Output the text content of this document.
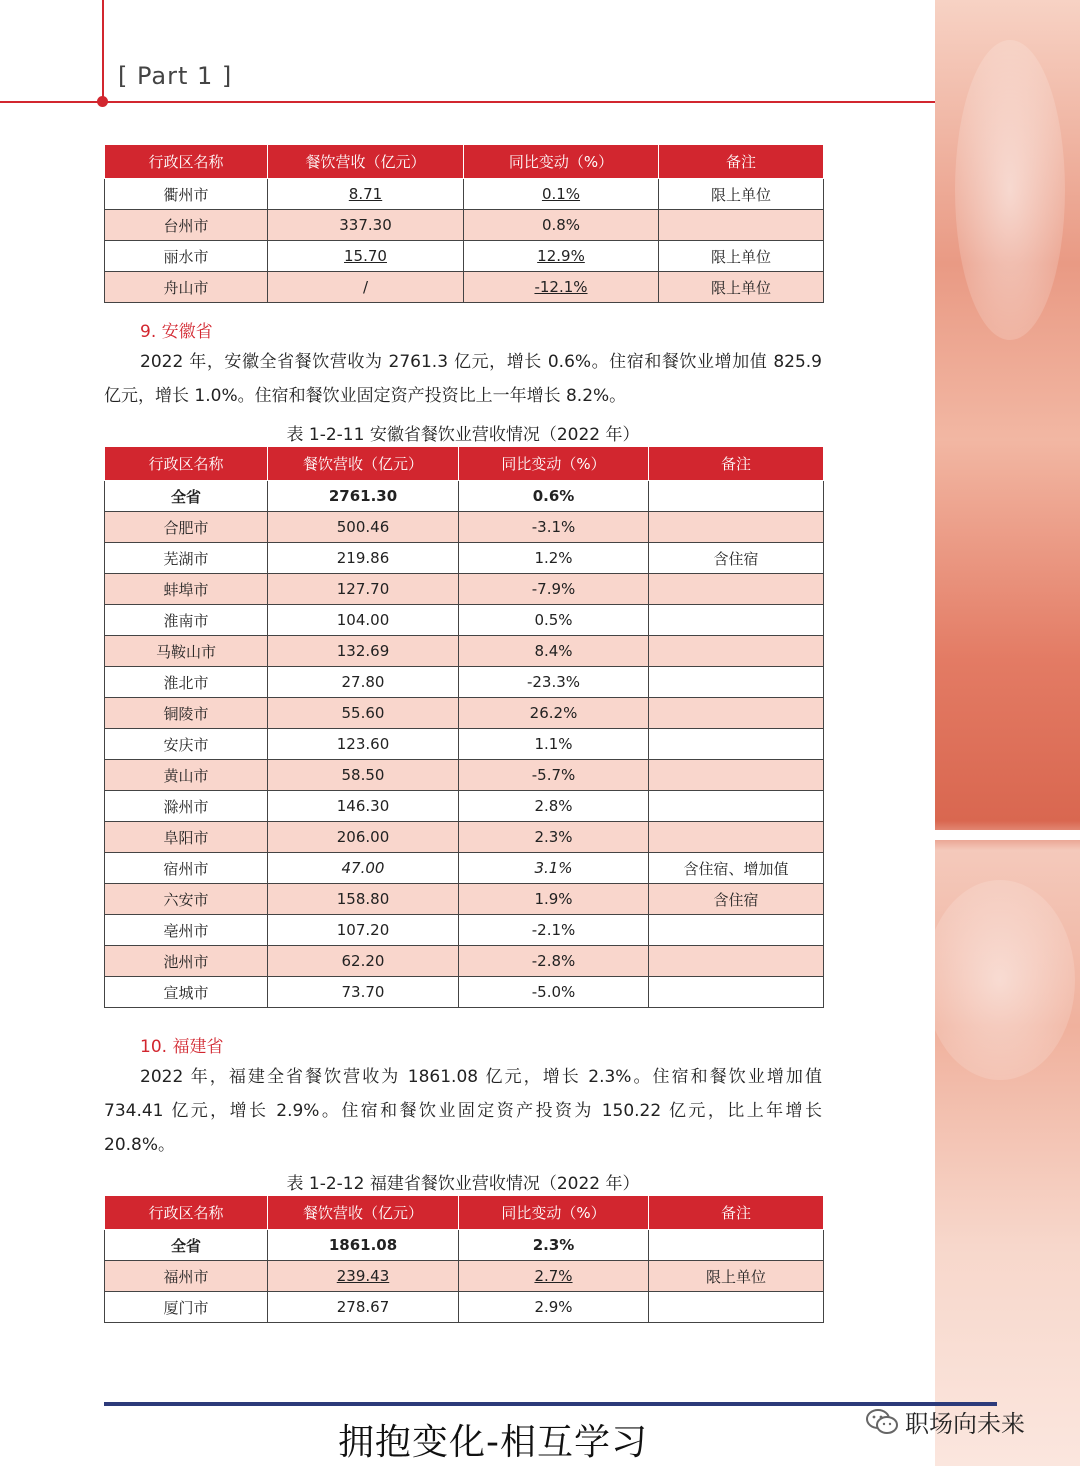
[ Part 1 ]
行政区名称	餐饮营收（亿元）	同比变动（%）	备注
衢州市	8.71	0.1%	限上单位
台州市	337.30	0.8%	
丽水市	15.70	12.9%	限上单位
舟山市	/	-12.1%	限上单位
9. 安徽省

2022 年，安徽全省餐饮营收为 2761.3 亿元，增长 0.6%。住宿和餐饮业增加值 825.9 亿元，增长 1.0%。住宿和餐饮业固定资产投资比上一年增长 8.2%。

表 1-2-11 安徽省餐饮业营收情况（2022 年）
行政区名称	餐饮营收（亿元）	同比变动（%）	备注
全省	2761.30	0.6%	
合肥市	500.46	-3.1%	
芜湖市	219.86	1.2%	含住宿
蚌埠市	127.70	-7.9%	
淮南市	104.00	0.5%	
马鞍山市	132.69	8.4%	
淮北市	27.80	-23.3%	
铜陵市	55.60	26.2%	
安庆市	123.60	1.1%	
黄山市	58.50	-5.7%	
滁州市	146.30	2.8%	
阜阳市	206.00	2.3%	
宿州市	47.00	3.1%	含住宿、增加值
六安市	158.80	1.9%	含住宿
亳州市	107.20	-2.1%	
池州市	62.20	-2.8%	
宣城市	73.70	-5.0%	
10. 福建省

2022 年，福建全省餐饮营收为 1861.08 亿元，增长 2.3%。住宿和餐饮业增加值 734.41 亿元，增长 2.9%。住宿和餐饮业固定资产投资为 150.22 亿元，比上年增长 20.8%。

表 1-2-12 福建省餐饮业营收情况（2022 年）
行政区名称	餐饮营收（亿元）	同比变动（%）	备注
全省	1861.08	2.3%	
福州市	239.43	2.7%	限上单位
厦门市	278.67	2.9%	
拥抱变化-相互学习	职场向未来
